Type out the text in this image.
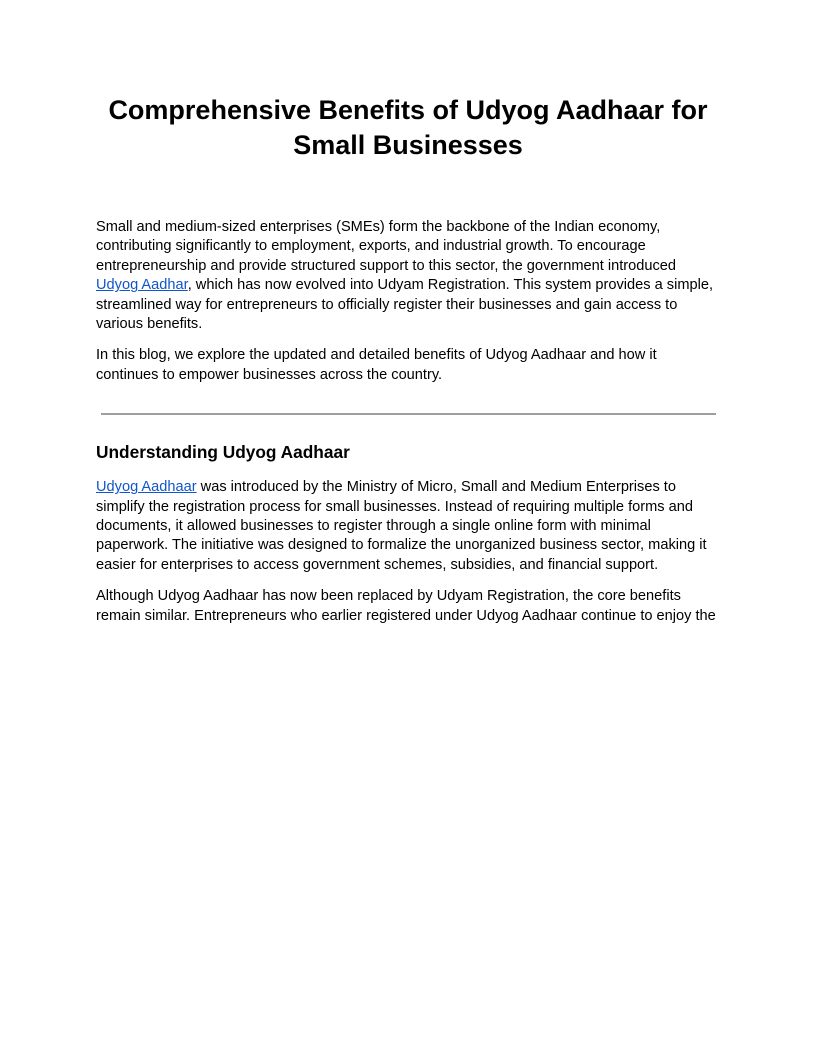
Comprehensive Benefits of Udyog Aadhaar for
Small Businesses

Small and medium-sized enterprises (SMEs) form the backbone of the Indian economy, contributing significantly to employment, exports, and industrial growth. To encourage entrepreneurship and provide structured support to this sector, the government introduced Udyog Aadhar, which has now evolved into Udyam Registration. This system provides a simple, streamlined way for entrepreneurs to officially register their businesses and gain access to various benefits.

In this blog, we explore the updated and detailed benefits of Udyog Aadhaar and how it continues to empower businesses across the country.

Understanding Udyog Aadhaar

Udyog Aadhaar was introduced by the Ministry of Micro, Small and Medium Enterprises to simplify the registration process for small businesses. Instead of requiring multiple forms and documents, it allowed businesses to register through a single online form with minimal paperwork. The initiative was designed to formalize the unorganized business sector, making it easier for enterprises to access government schemes, subsidies, and financial support.

Although Udyog Aadhaar has now been replaced by Udyam Registration, the core benefits remain similar. Entrepreneurs who earlier registered under Udyog Aadhaar continue to enjoy the
